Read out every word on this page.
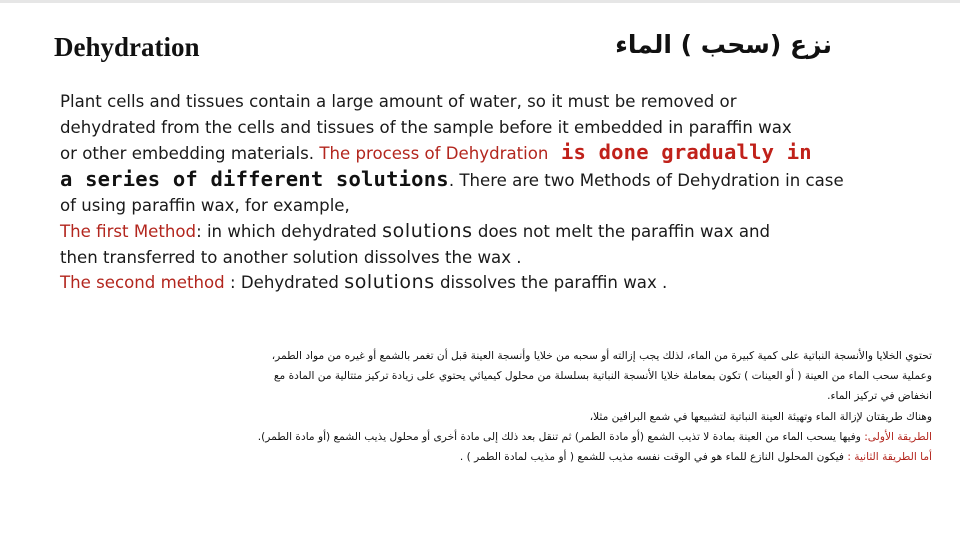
Dehydration	نزع (سحب ) الماء
Plant cells and tissues contain a large amount of water, so it must be removed or
dehydrated from the cells and tissues of the sample before it embedded in paraffin wax
or other embedding materials. The process of Dehydration is done gradually in
a series of different solutions. There are two Methods of Dehydration in case
of using paraffin wax, for example,
The first Method: in which dehydrated solutions does not melt the paraffin wax and
then transferred to another solution dissolves the wax .
The second method : Dehydrated solutions dissolves the paraffin wax .
تحتوي الخلايا والأنسجة النباتية على كمية كبيرة من الماء، لذلك يجب إزالته أو سحبه من خلايا وأنسجة العينة قبل أن تغمر بالشمع أو غيره من مواد الطمر،
وعملية سحب الماء من العينة ( أو العينات ) تكون بمعاملة خلايا الأنسجة النباتية بسلسلة من محلول كيميائي يحتوي على زيادة تركيز متتالية من المادة مع
انخفاض في تركيز الماء.
وهناك طريقتان لإزالة الماء وتهيئة العينة النباتية لتشبيعها في شمع البرافين مثلا،
الطريقة الأولى: وفيها يسحب الماء من العينة بمادة لا تذيب الشمع (أو مادة الطمر) ثم تنقل بعد ذلك إلى مادة أخرى أو محلول يذيب الشمع (أو مادة الطمر).
أما الطريقة الثانية : فيكون المحلول النازع للماء هو في الوقت نفسه مذيب للشمع ( أو مذيب لمادة الطمر ) .
